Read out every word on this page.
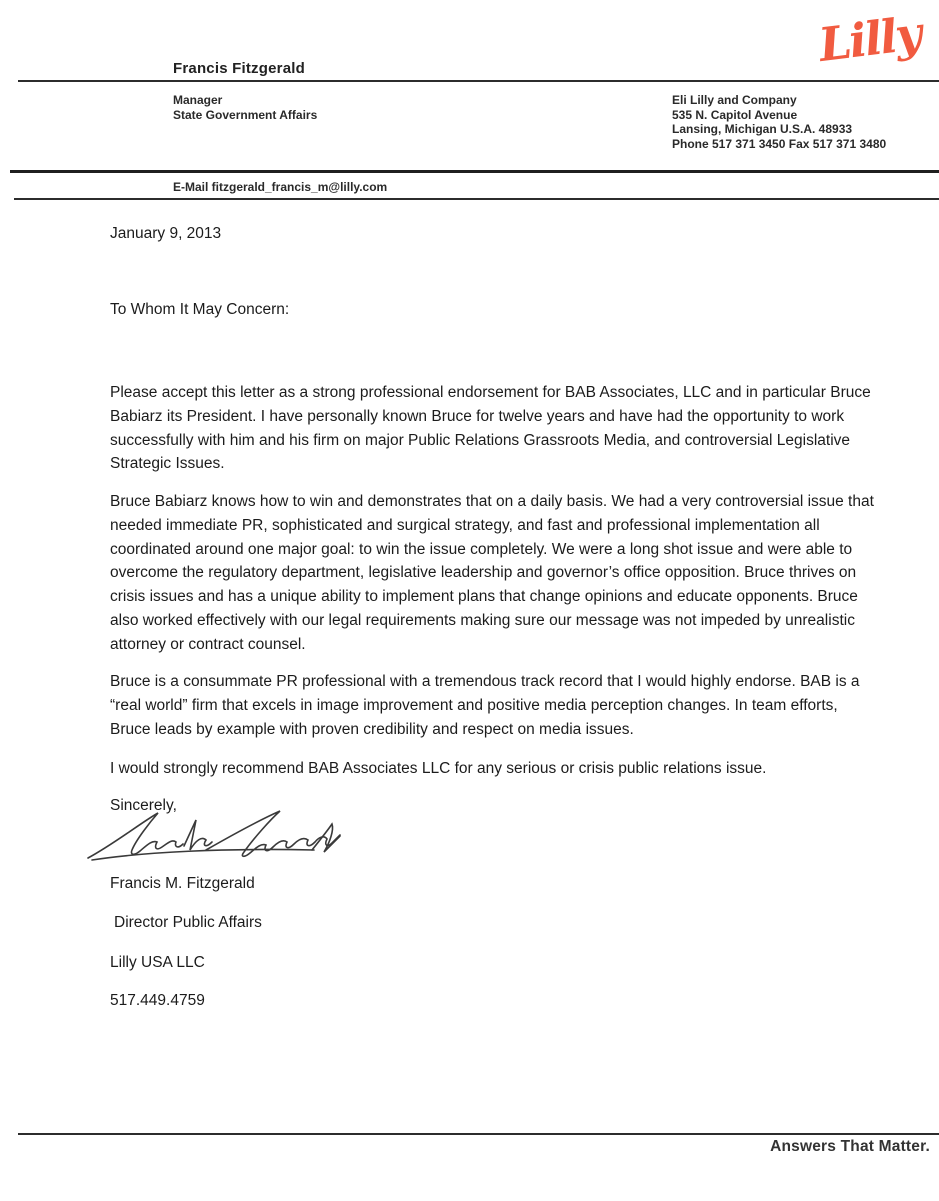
Lilly
Francis Fitzgerald
Manager
State Government Affairs
Eli Lilly and Company
535 N. Capitol Avenue
Lansing, Michigan U.S.A. 48933
Phone 517 371 3450 Fax 517 371 3480
E-Mail fitzgerald_francis_m@lilly.com

January 9, 2013

To Whom It May Concern:

Please accept this letter as a strong professional endorsement for BAB Associates, LLC and in particular Bruce Babiarz its President. I have personally known Bruce for twelve years and have had the opportunity to work successfully with him and his firm on major Public Relations Grassroots Media, and controversial Legislative Strategic Issues.

Bruce Babiarz knows how to win and demonstrates that on a daily basis. We had a very controversial issue that needed immediate PR, sophisticated and surgical strategy, and fast and professional implementation all coordinated around one major goal: to win the issue completely. We were a long shot issue and were able to overcome the regulatory department, legislative leadership and governor’s office opposition. Bruce thrives on crisis issues and has a unique ability to implement plans that change opinions and educate opponents. Bruce also worked effectively with our legal requirements making sure our message was not impeded by unrealistic attorney or contract counsel.

Bruce is a consummate PR professional with a tremendous track record that I would highly endorse. BAB is a “real world” firm that excels in image improvement and positive media perception changes. In team efforts, Bruce leads by example with proven credibility and respect on media issues.

I would strongly recommend BAB Associates LLC for any serious or crisis public relations issue.

Sincerely,

Francis M. Fitzgerald

Director Public Affairs

Lilly USA LLC

517.449.4759

Answers That Matter.
